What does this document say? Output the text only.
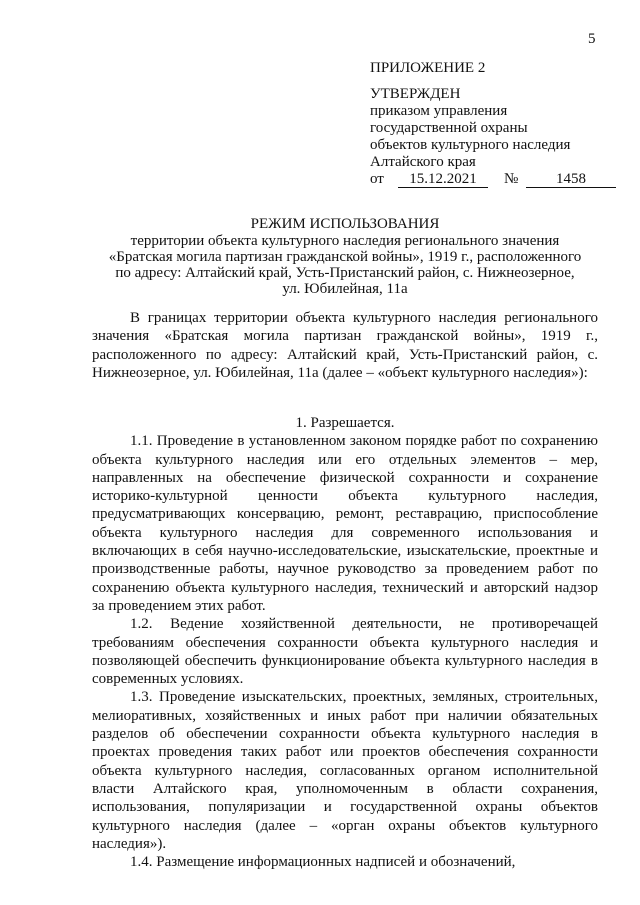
5
ПРИЛОЖЕНИЕ 2
УТВЕРЖДЕН
приказом управления
государственной охраны
объектов культурного наследия
Алтайского края
от	15.12.2021	№	1458
РЕЖИМ ИСПОЛЬЗОВАНИЯ
территории объекта культурного наследия регионального значения
«Братская могила партизан гражданской войны», 1919 г., расположенного
по адресу: Алтайский край, Усть-Пристанский район, с. Нижнеозерное,
ул. Юбилейная, 11а

В границах территории объекта культурного наследия регионального значения «Братская могила партизан гражданской войны», 1919 г., расположенного по адресу: Алтайский край, Усть-Пристанский район, с. Нижнеозерное, ул. Юбилейная, 11а (далее – «объект культурного наследия»):

1. Разрешается.

1.1. Проведение в установленном законом порядке работ по сохранению объекта культурного наследия или его отдельных элементов – мер, направленных на обеспечение физической сохранности и сохранение историко-культурной ценности объекта культурного наследия, предусматривающих консервацию, ремонт, реставрацию, приспособление объекта культурного наследия для современного использования и включающих в себя научно-исследовательские, изыскательские, проектные и производственные работы, научное руководство за проведением работ по сохранению объекта культурного наследия, технический и авторский надзор за проведением этих работ.

1.2. Ведение хозяйственной деятельности, не противоречащей требованиям обеспечения сохранности объекта культурного наследия и позволяющей обеспечить функционирование объекта культурного наследия в современных условиях.

1.3. Проведение изыскательских, проектных, земляных, строительных, мелиоративных, хозяйственных и иных работ при наличии обязательных разделов об обеспечении сохранности объекта культурного наследия в проектах проведения таких работ или проектов обеспечения сохранности объекта культурного наследия, согласованных органом исполнительной власти Алтайского края, уполномоченным в области сохранения, использования, популяризации и государственной охраны объектов культурного наследия (далее – «орган охраны объектов культурного наследия»).

1.4. Размещение информационных надписей и обозначений,
